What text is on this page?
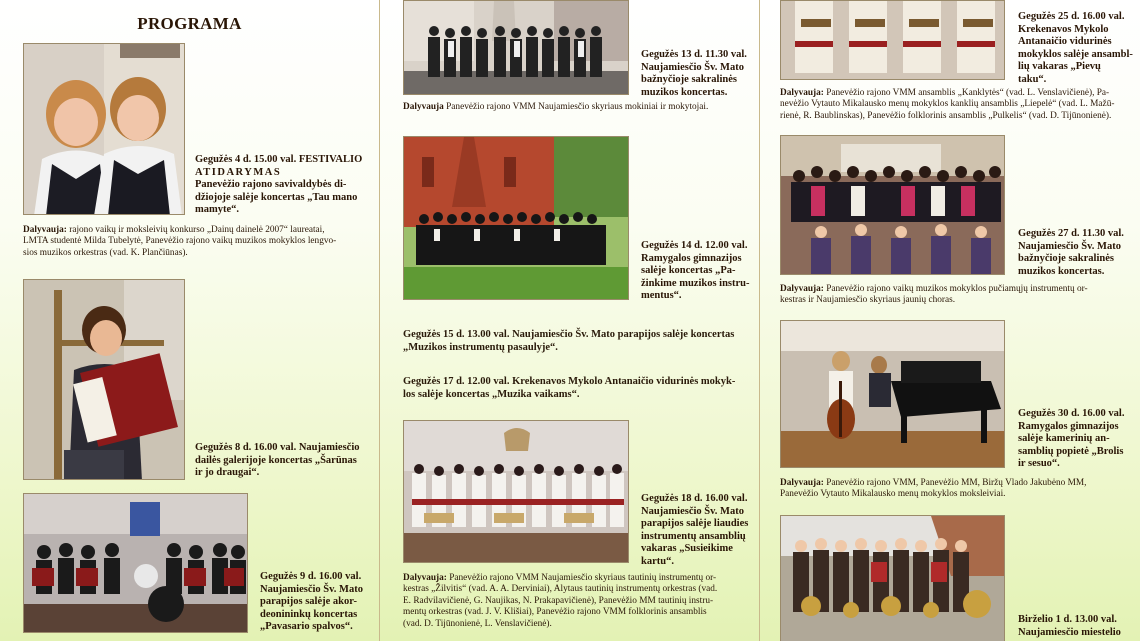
PROGRAMA
Gegužės 4 d. 15.00 val. FESTIVALIO
ATIDARYMAS
Panevėžio rajono savivaldybės di-
džiojoje salėje koncertas „Tau mano
mamyte“.
Dalyvauja: rajono vaikų ir moksleivių konkurso „Dainų dainelė 2007“ laureatai,
LMTA studentė Milda Tubelytė, Panevėžio rajono vaikų muzikos mokyklos lengvo-
sios muzikos orkestras (vad. K. Plančiūnas).
Gegužės 8 d. 16.00 val. Naujamiesčio
dailės galerijoje koncertas „Šarūnas
ir jo draugai“.
Gegužės 9 d. 16.00 val.
Naujamiesčio Šv. Mato
parapijos salėje akor-
deonininkų koncertas
„Pavasario spalvos“.
Gegužės 13 d. 11.30 val.
Naujamiesčio Šv. Mato
bažnyčioje sakralinės
muzikos koncertas.
Dalyvauja Panevėžio rajono VMM Naujamiesčio skyriaus mokiniai ir mokytojai.
Gegužės 14 d. 12.00 val.
Ramygalos gimnazijos
salėje koncertas „Pa-
žinkime muzikos instru-
mentus“.
Gegužės 15 d. 13.00 val. Naujamiesčio Šv. Mato parapijos salėje koncertas
„Muzikos instrumentų pasaulyje“.
Gegužės 17 d. 12.00 val. Krekenavos Mykolo Antanaičio vidurinės mokyk-
los salėje koncertas „Muzika vaikams“.
Gegužės 18 d. 16.00 val.
Naujamiesčio Šv. Mato
parapijos salėje liaudies
instrumentų ansamblių
vakaras „Susieikime
kartu“.
Dalyvauja: Panevėžio rajono VMM Naujamiesčio skyriaus tautinių instrumentų or-
kestras „Žilvitis“ (vad. A. A. Derviniai), Alytaus tautinių instrumentų orkestras (vad.
E. Radvilavičienė, G. Naujikas, N. Prakapavičienė), Panevėžio MM tautinių instru-
mentų orkestras (vad. J. V. Klišiai), Panevėžio rajono VMM folklorinis ansamblis
(vad. D. Tijūnonienė, L. Venslavičienė).
Gegužės 25 d. 16.00 val.
Krekenavos Mykolo
Antanaičio vidurinės
mokyklos salėje ansambl-
lių vakaras „Pievų
taku“.
Dalyvauja: Panevėžio rajono VMM ansamblis „Kanklytės“ (vad. L. Venslavičienė), Pa-
nevėžio Vytauto Mikalausko menų mokyklos kanklių ansamblis „Liepelė“ (vad. L. Mažū-
rienė, R. Baublinskas), Panevėžio folklorinis ansamblis „Pulkelis“ (vad. D. Tijūnonienė).
Gegužės 27 d. 11.30 val.
Naujamiesčio Šv. Mato
bažnyčioje sakralinės
muzikos koncertas.
Dalyvauja: Panevėžio rajono vaikų muzikos mokyklos pučiamųjų instrumentų or-
kestras ir Naujamiesčio skyriaus jaunių choras.
Gegužės 30 d. 16.00 val.
Ramygalos gimnazijos
salėje kamerinių an-
samblių popietė „Brolis
ir sesuo“.
Dalyvauja: Panevėžio rajono VMM, Panevėžio MM, Biržų Vlado Jakubėno MM,
Panevėžio Vytauto Mikalausko menų mokyklos moksleiviai.
Birželio 1 d. 13.00 val.
Naujamiesčio miestelio
